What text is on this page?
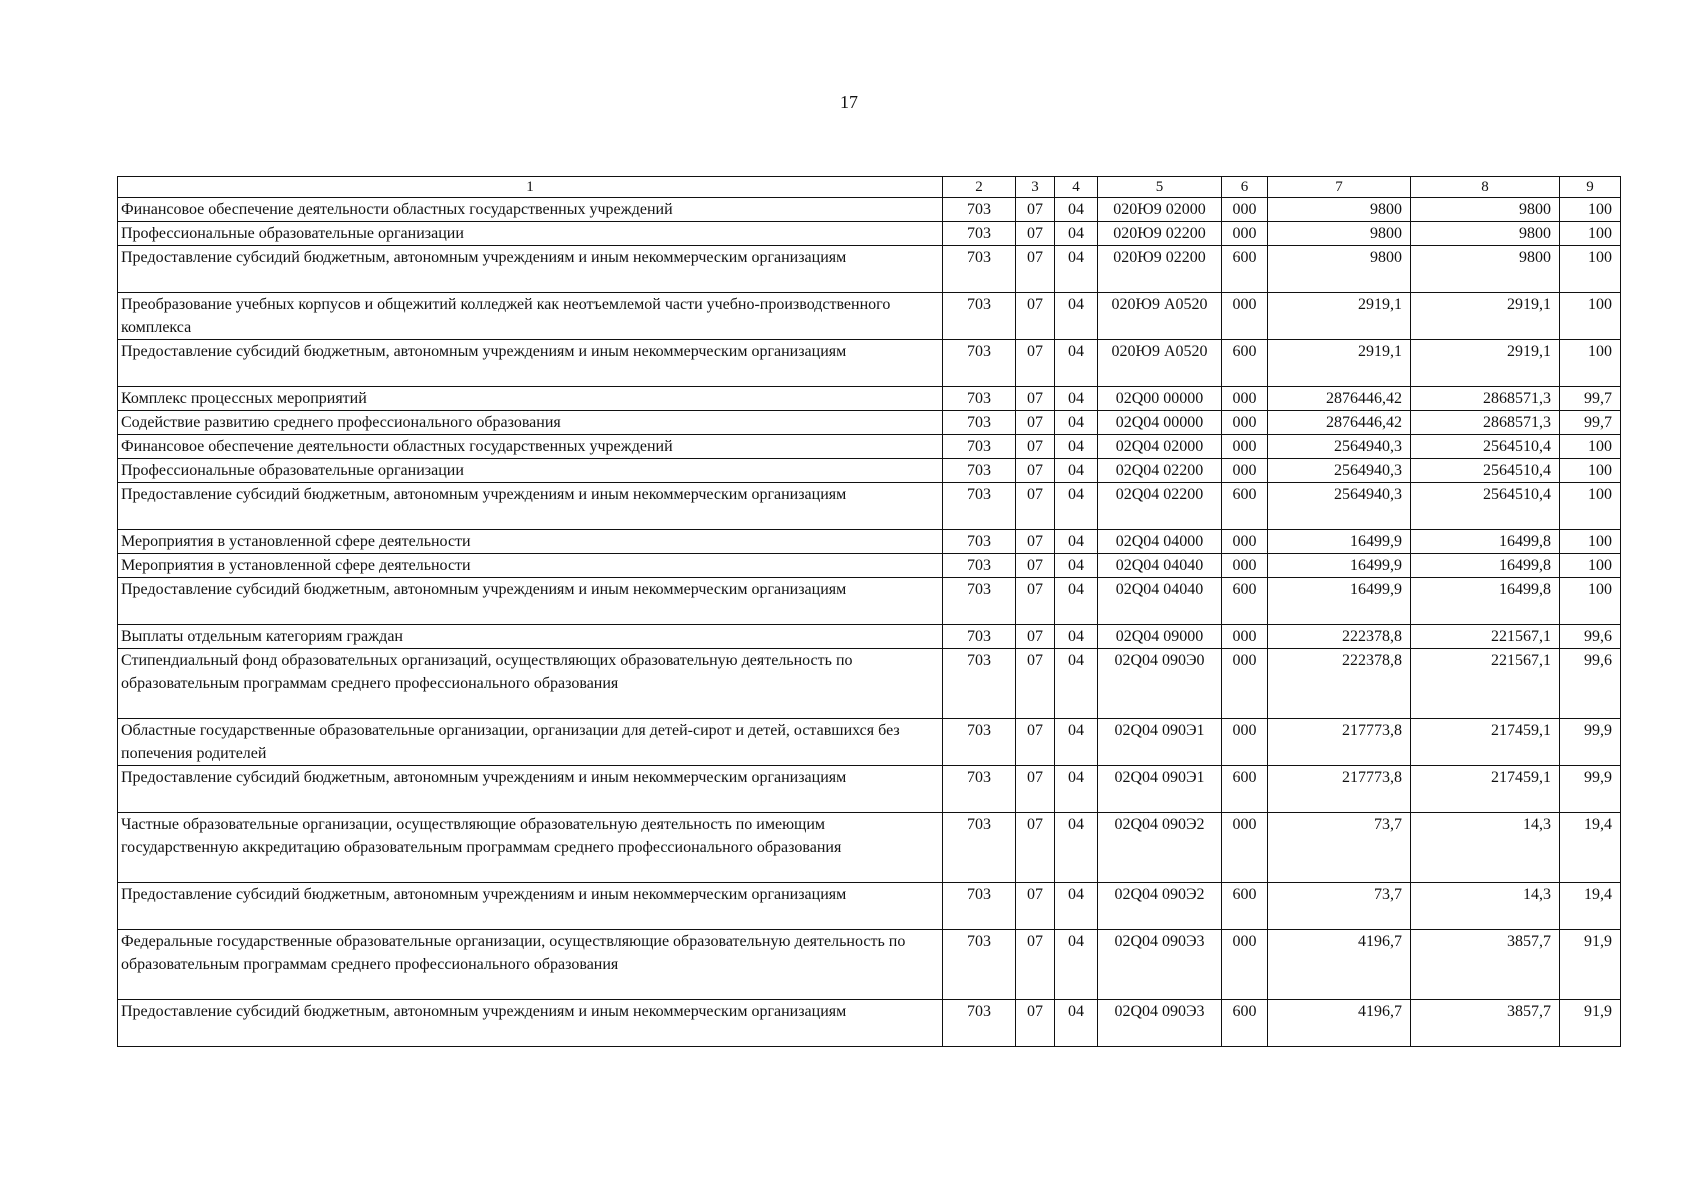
17
1	2	3	4	5	6	7	8	9
Финансовое обеспечение деятельности областных государственных учреждений	703	07	04	020Ю9 02000	000	9800	9800	100
Профессиональные образовательные организации	703	07	04	020Ю9 02200	000	9800	9800	100
Предоставление субсидий бюджетным, автономным учреждениям и иным некоммерческим организациям	703	07	04	020Ю9 02200	600	9800	9800	100
Преобразование учебных корпусов и общежитий колледжей как неотъемлемой части учебно-производственного комплекса	703	07	04	020Ю9 А0520	000	2919,1	2919,1	100
Предоставление субсидий бюджетным, автономным учреждениям и иным некоммерческим организациям	703	07	04	020Ю9 А0520	600	2919,1	2919,1	100
Комплекс процессных мероприятий	703	07	04	02Q00 00000	000	2876446,42	2868571,3	99,7
Содействие развитию среднего профессионального образования	703	07	04	02Q04 00000	000	2876446,42	2868571,3	99,7
Финансовое обеспечение деятельности областных государственных учреждений	703	07	04	02Q04 02000	000	2564940,3	2564510,4	100
Профессиональные образовательные организации	703	07	04	02Q04 02200	000	2564940,3	2564510,4	100
Предоставление субсидий бюджетным, автономным учреждениям и иным некоммерческим организациям	703	07	04	02Q04 02200	600	2564940,3	2564510,4	100
Мероприятия в установленной сфере деятельности	703	07	04	02Q04 04000	000	16499,9	16499,8	100
Мероприятия в установленной сфере деятельности	703	07	04	02Q04 04040	000	16499,9	16499,8	100
Предоставление субсидий бюджетным, автономным учреждениям и иным некоммерческим организациям	703	07	04	02Q04 04040	600	16499,9	16499,8	100
Выплаты отдельным категориям граждан	703	07	04	02Q04 09000	000	222378,8	221567,1	99,6
Стипендиальный фонд образовательных организаций, осуществляющих образовательную деятельность по образовательным программам среднего профессионального образования	703	07	04	02Q04 090Э0	000	222378,8	221567,1	99,6
Областные государственные образовательные организации, организации для детей-сирот и детей, оставшихся без попечения родителей	703	07	04	02Q04 090Э1	000	217773,8	217459,1	99,9
Предоставление субсидий бюджетным, автономным учреждениям и иным некоммерческим организациям	703	07	04	02Q04 090Э1	600	217773,8	217459,1	99,9
Частные образовательные организации, осуществляющие образовательную деятельность по имеющим государственную аккредитацию образовательным программам среднего профессионального образования	703	07	04	02Q04 090Э2	000	73,7	14,3	19,4
Предоставление субсидий бюджетным, автономным учреждениям и иным некоммерческим организациям	703	07	04	02Q04 090Э2	600	73,7	14,3	19,4
Федеральные государственные образовательные организации, осуществляющие образовательную деятельность по образовательным программам среднего профессионального образования	703	07	04	02Q04 090Э3	000	4196,7	3857,7	91,9
Предоставление субсидий бюджетным, автономным учреждениям и иным некоммерческим организациям	703	07	04	02Q04 090Э3	600	4196,7	3857,7	91,9
